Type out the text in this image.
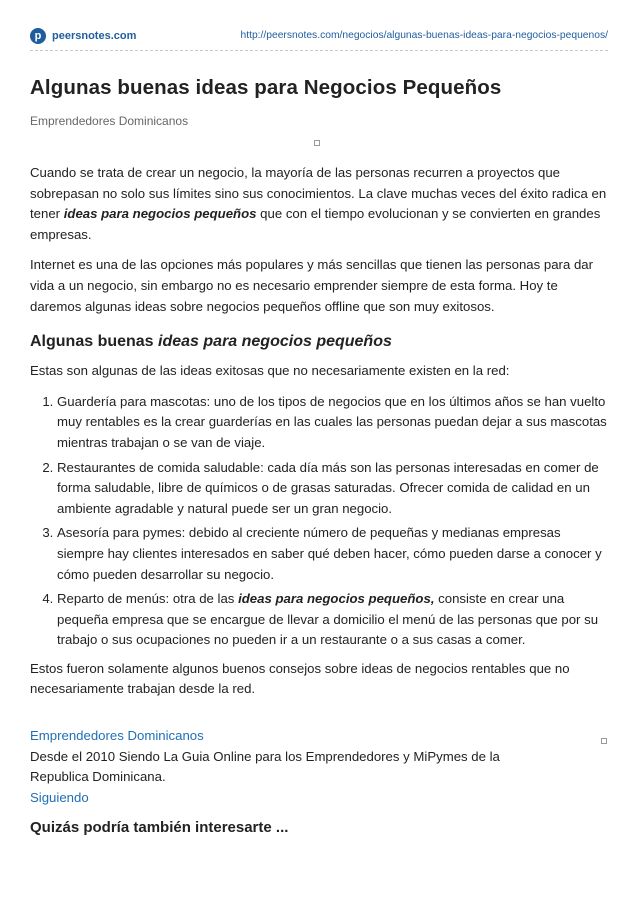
p peersnotes.com	http://peersnotes.com/negocios/algunas-buenas-ideas-para-negocios-pequenos/
Algunas buenas ideas para Negocios Pequeños
Emprendedores Dominicanos

Cuando se trata de crear un negocio, la mayoría de las personas recurren a proyectos que sobrepasan no solo sus límites sino sus conocimientos. La clave muchas veces del éxito radica en tener ideas para negocios pequeños que con el tiempo evolucionan y se convierten en grandes empresas.

Internet es una de las opciones más populares y más sencillas que tienen las personas para dar vida a un negocio, sin embargo no es necesario emprender siempre de esta forma. Hoy te daremos algunas ideas sobre negocios pequeños offline que son muy exitosos.

Algunas buenas ideas para negocios pequeños

Estas son algunas de las ideas exitosas que no necesariamente existen en la red:

1. Guardería para mascotas: uno de los tipos de negocios que en los últimos años se han vuelto muy rentables es la crear guarderías en las cuales las personas puedan dejar a sus mascotas mientras trabajan o se van de viaje.
2. Restaurantes de comida saludable: cada día más son las personas interesadas en comer de forma saludable, libre de químicos o de grasas saturadas. Ofrecer comida de calidad en un ambiente agradable y natural puede ser un gran negocio.
3. Asesoría para pymes: debido al creciente número de pequeñas y medianas empresas siempre hay clientes interesados en saber qué deben hacer, cómo pueden darse a conocer y cómo pueden desarrollar su negocio.
4. Reparto de menús: otra de las ideas para negocios pequeños, consiste en crear una pequeña empresa que se encargue de llevar a domicilio el menú de las personas que por su trabajo o sus ocupaciones no pueden ir a un restaurante o a sus casas a comer.

Estos fueron solamente algunos buenos consejos sobre ideas de negocios rentables que no necesariamente trabajan desde la red.

Emprendedores Dominicanos
Desde el 2010 Siendo La Guia Online para los Emprendedores y MiPymes de la Republica Dominicana.
Siguiendo
Quizás podría también interesarte ...
